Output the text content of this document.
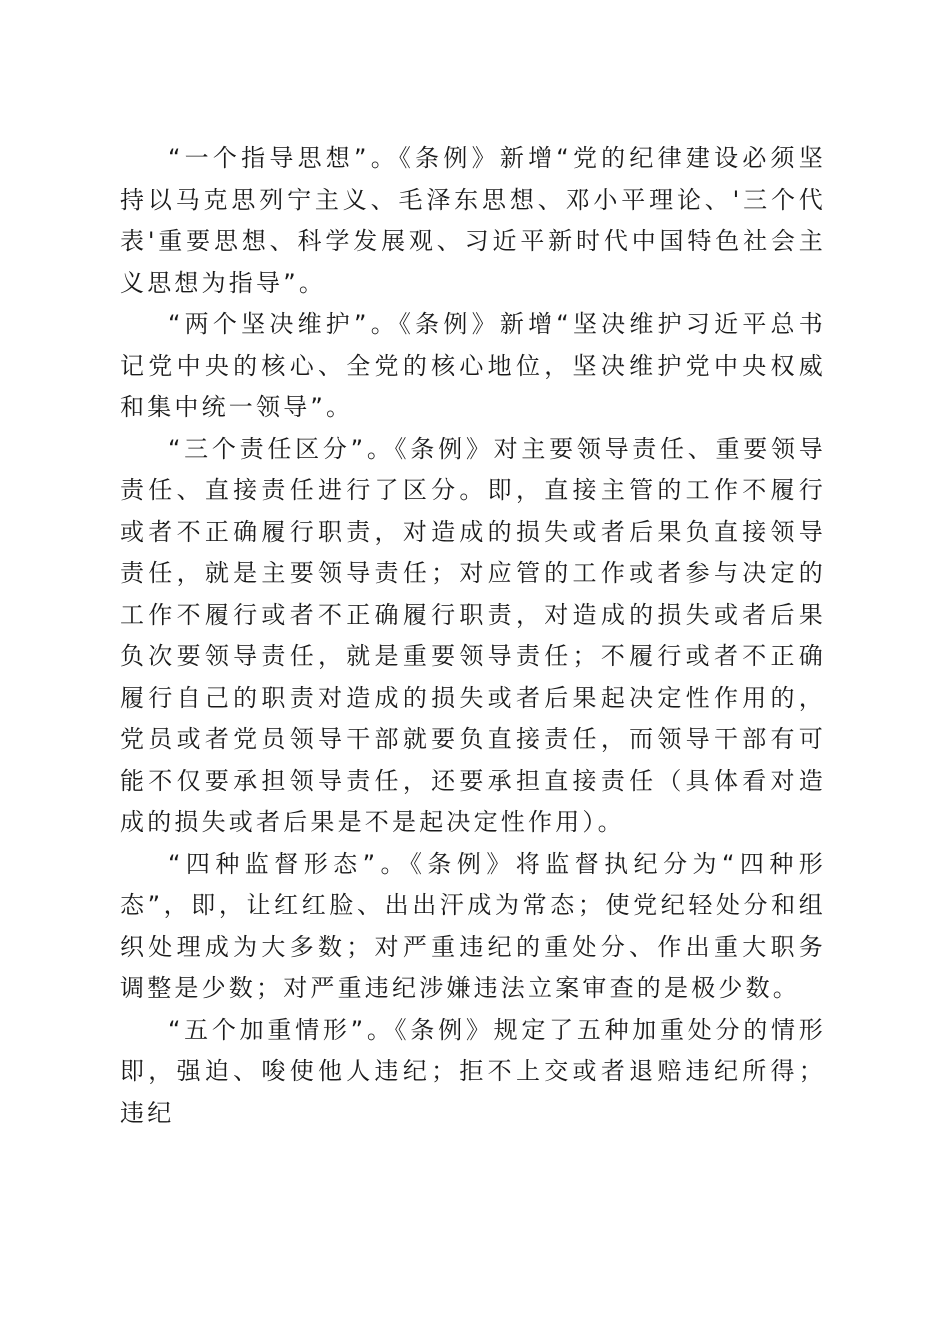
“一个指导思想”。《条例》新增“党的纪律建设必须坚持以马克思列宁主义、毛泽东思想、邓小平理论、'三个代表'重要思想、科学发展观、习近平新时代中国特色社会主义思想为指导”。

“两个坚决维护”。《条例》新增“坚决维护习近平总书记党中央的核心、全党的核心地位，坚决维护党中央权威和集中统一领导”。

“三个责任区分”。《条例》对主要领导责任、重要领导责任、直接责任进行了区分。即，直接主管的工作不履行或者不正确履行职责，对造成的损失或者后果负直接领导责任，就是主要领导责任；对应管的工作或者参与决定的工作不履行或者不正确履行职责，对造成的损失或者后果负次要领导责任，就是重要领导责任；不履行或者不正确履行自己的职责对造成的损失或者后果起决定性作用的，党员或者党员领导干部就要负直接责任，而领导干部有可能不仅要承担领导责任，还要承担直接责任（具体看对造成的损失或者后果是不是起决定性作用）。

“四种监督形态”。《条例》将监督执纪分为“四种形态”，即，让红红脸、出出汗成为常态；使党纪轻处分和组织处理成为大多数；对严重违纪的重处分、作出重大职务调整是少数；对严重违纪涉嫌违法立案审查的是极少数。

“五个加重情形”。《条例》规定了五种加重处分的情形即，强迫、唆使他人违纪；拒不上交或者退赔违纪所得；违纪
